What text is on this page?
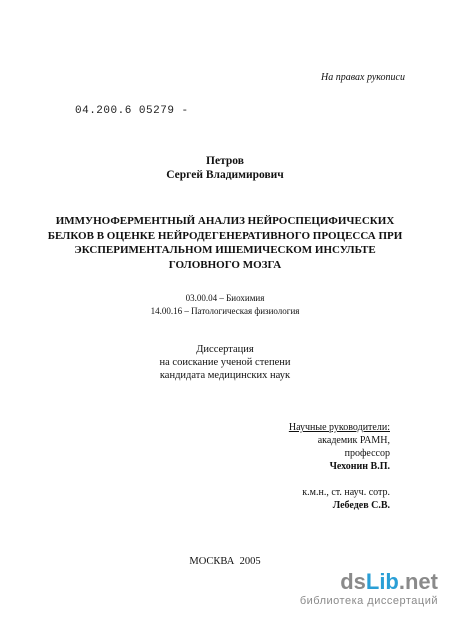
На правах рукописи
04.200.6 05279 -
Петров
Сергей Владимирович
ИММУНОФЕРМЕНТНЫЙ АНАЛИЗ НЕЙРОСПЕЦИФИЧЕСКИХ
БЕЛКОВ В ОЦЕНКЕ НЕЙРОДЕГЕНЕРАТИВНОГО ПРОЦЕССА ПРИ
ЭКСПЕРИМЕНТАЛЬНОМ ИШЕМИЧЕСКОМ ИНСУЛЬТЕ
ГОЛОВНОГО МОЗГА
03.00.04 – Биохимия
14.00.16 – Патологическая физиология
Диссертация
на соискание ученой степени
кандидата медицинских наук
Научные руководители:
академик РАМН,
профессор
Чехонин В.П.
к.м.н., ст. науч. сотр.
Лебедев С.В.
МОСКВА  2005
dsLib.net
библиотека диссертаций
